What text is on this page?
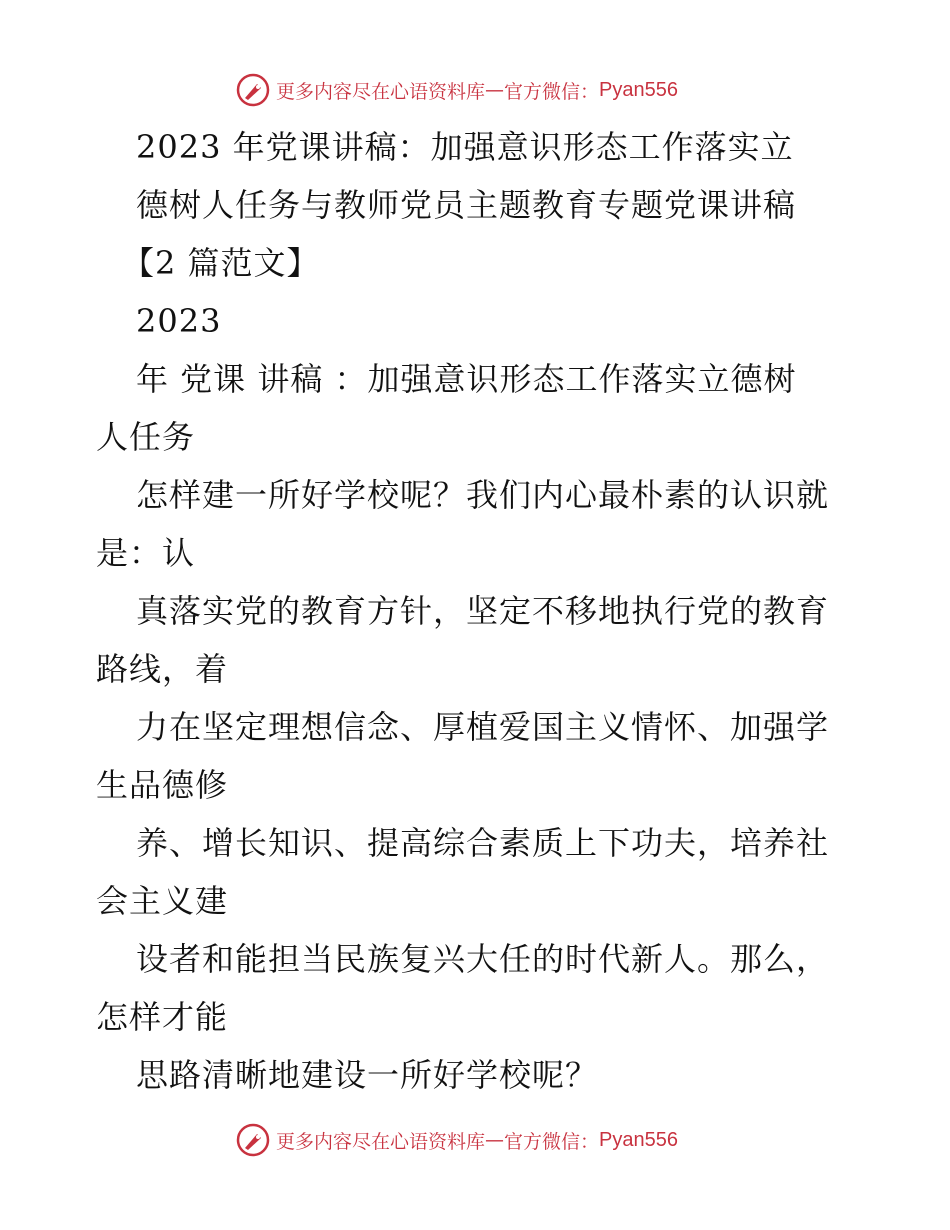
更多内容尽在心语资料库 — 官方微信： Pyan556
2023 年党课讲稿：加强意识形态工作落实立
德树人任务与教师党员主题教育专题党课讲稿
【2 篇范文】
2023
年 党课 讲稿 ：加强意识形态工作落实立德树
人任务
怎样建一所好学校呢？我们内心最朴素的认识就
是：认
真落实党的教育方针，坚定不移地执行党的教育
路线，着
力在坚定理想信念、厚植爱国主义情怀、加强学
生品德修
养、增长知识、提高综合素质上下功夫，培养社
会主义建
设者和能担当民族复兴大任的时代新人。那么，
怎样才能
思路清晰地建设一所好学校呢？
更多内容尽在心语资料库 — 官方微信： Pyan556
